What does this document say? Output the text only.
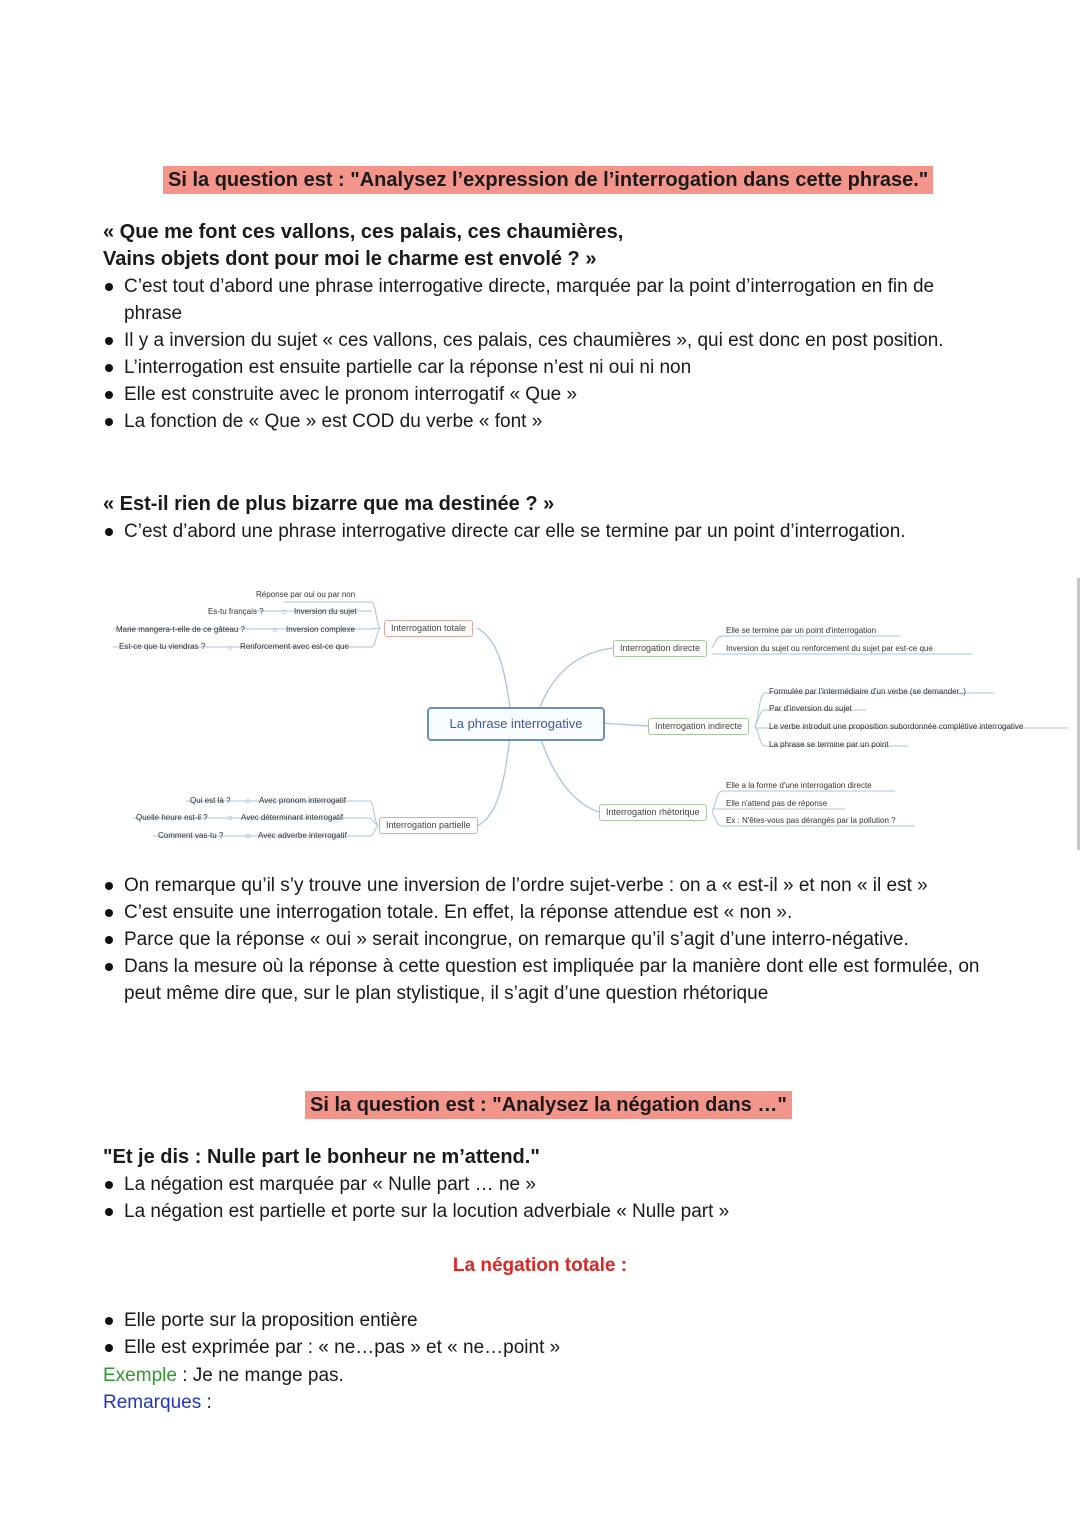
Si la question est : "Analysez l’expression de l’interrogation dans cette phrase."
« Que me font ces vallons, ces palais, ces chaumières,
Vains objets dont pour moi le charme est envolé ? »
C’est tout d’abord une phrase interrogative directe, marquée par la point d’interrogation en fin de phrase
Il y a inversion du sujet « ces vallons, ces palais, ces chaumières », qui est donc en post position.
L’interrogation est ensuite partielle car la réponse n’est ni oui ni non
Elle est construite avec le pronom interrogatif « Que »
La fonction de « Que » est COD du verbe « font »
« Est-il rien de plus bizarre que ma destinée ? »
C’est d’abord une phrase interrogative directe car elle se termine par un point d’interrogation.
La phrase interrogative
Interrogation totale
Réponse par oui ou par non
Es-tu français ?	Inversion du sujet
Marie mangera-t-elle de ce gâteau ?	Inversion complexe
Est-ce que tu viendras ?	Renforcement avec est-ce que
Interrogation partielle
Qui est là ?	Avec pronom interrogatif
Quelle heure est-il ?	Avec déterminant interrogatif
Comment vas-tu ?	Avec adverbe interrogatif
Interrogation directe
Elle se termine par un point d'interrogation
Inversion du sujet ou renforcement du sujet par est-ce que
Interrogation indirecte
Formulée par l'intermédiaire d'un verbe (se demander..)
Par d'inversion du sujet
Le verbe introduit une proposition subordonnée complétive interrogative
La phrase se termine par un point
Interrogation rhétorique
Elle a la forme d'une interrogation directe
Elle n'attend pas de réponse
Ex : N'êtes-vous pas dérangés par la pollution ?
On remarque qu’il s’y trouve une inversion de l’ordre sujet-verbe : on a « est-il » et non « il est »
C’est ensuite une interrogation totale. En effet, la réponse attendue est « non ».
Parce que la réponse « oui » serait incongrue, on remarque qu’il s’agit d’une interro-négative.
Dans la mesure où la réponse à cette question est impliquée par la manière dont elle est formulée, on peut même dire que, sur le plan stylistique, il s’agit d’une question rhétorique
Si la question est : "Analysez la négation dans …"
"Et je dis : Nulle part le bonheur ne m’attend."
La négation est marquée par « Nulle part … ne »
La négation est partielle et porte sur la locution adverbiale « Nulle part »
La négation totale :
Elle porte sur la proposition entière
Elle est exprimée par : « ne…pas » et « ne…point »
Exemple : Je ne mange pas.
Remarques :
